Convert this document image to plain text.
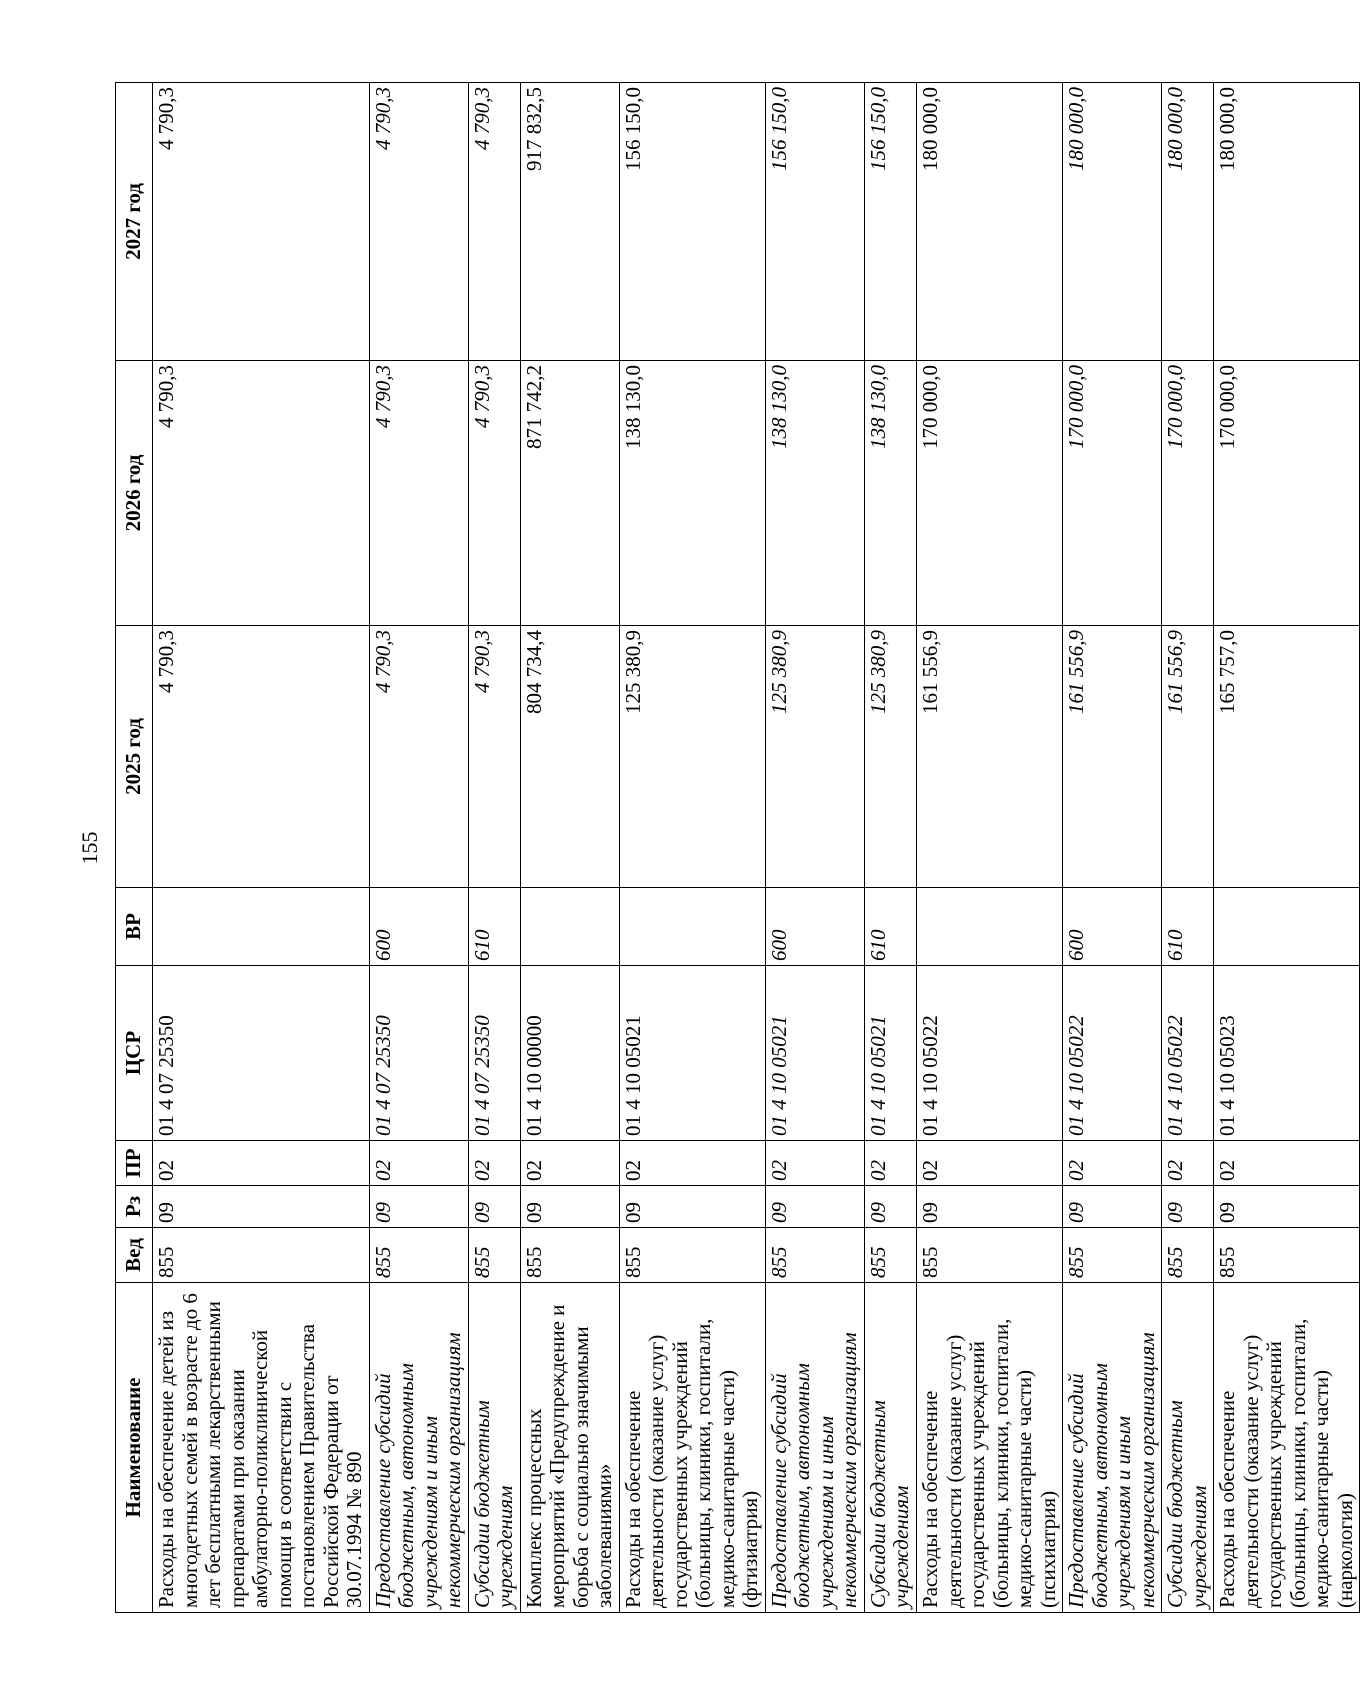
155
Наименование	Вед	Рз	ПР	ЦСР	ВР	2025 год	2026 год	2027 год
Расходы на обеспечение детей из многодетных семей в возрасте до 6 лет бесплатными лекарственными препаратами при оказании амбулаторно-поликлинической помощи в соответствии с постановлением Правительства Российской Федерации от 30.07.1994 № 890	855	09	02	01 4 07 25350		4 790,3	4 790,3	4 790,3
Предоставление субсидий бюджетным, автономным учреждениям и иным некоммерческим организациям	855	09	02	01 4 07 25350	600	4 790,3	4 790,3	4 790,3
Субсидии бюджетным учреждениям	855	09	02	01 4 07 25350	610	4 790,3	4 790,3	4 790,3
Комплекс процессных мероприятий «Предупреждение и борьба с социально значимыми заболеваниями»	855	09	02	01 4 10 00000		804 734,4	871 742,2	917 832,5
Расходы на обеспечение деятельности (оказание услуг) государственных учреждений (больницы, клиники, госпитали, медико-санитарные части) (фтизиатрия)	855	09	02	01 4 10 05021		125 380,9	138 130,0	156 150,0
Предоставление субсидий бюджетным, автономным учреждениям и иным некоммерческим организациям	855	09	02	01 4 10 05021	600	125 380,9	138 130,0	156 150,0
Субсидии бюджетным учреждениям	855	09	02	01 4 10 05021	610	125 380,9	138 130,0	156 150,0
Расходы на обеспечение деятельности (оказание услуг) государственных учреждений (больницы, клиники, госпитали, медико-санитарные части) (психиатрия)	855	09	02	01 4 10 05022		161 556,9	170 000,0	180 000,0
Предоставление субсидий бюджетным, автономным учреждениям и иным некоммерческим организациям	855	09	02	01 4 10 05022	600	161 556,9	170 000,0	180 000,0
Субсидии бюджетным учреждениям	855	09	02	01 4 10 05022	610	161 556,9	170 000,0	180 000,0
Расходы на обеспечение деятельности (оказание услуг) государственных учреждений (больницы, клиники, госпитали, медико-санитарные части) (наркология)	855	09	02	01 4 10 05023		165 757,0	170 000,0	180 000,0
